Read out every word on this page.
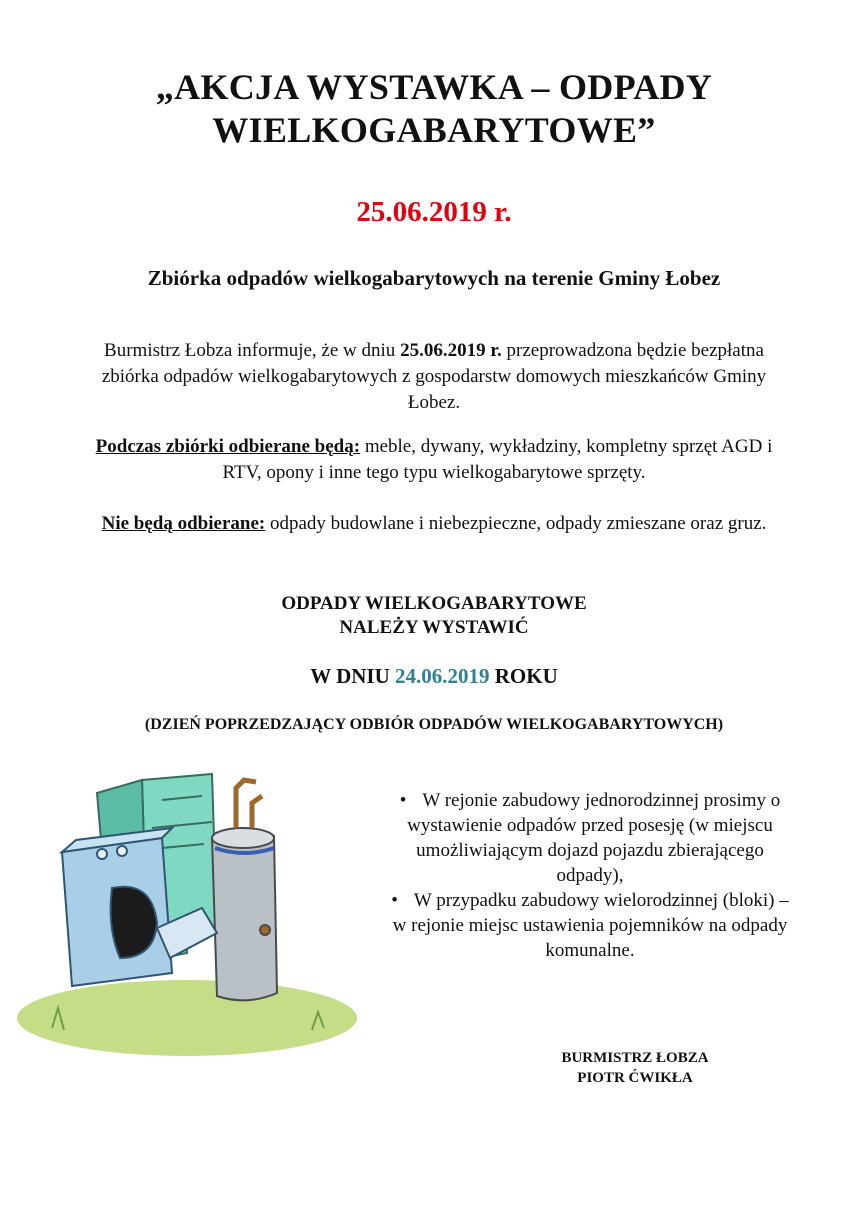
„AKCJA WYSTAWKA – ODPADY
WIELKOGABARYTOWE”
25.06.2019 r.
Zbiórka odpadów wielkogabarytowych na terenie Gminy Łobez
Burmistrz Łobza informuje, że w dniu 25.06.2019 r. przeprowadzona będzie bezpłatna zbiórka odpadów wielkogabarytowych z gospodarstw domowych mieszkańców Gminy Łobez.
Podczas zbiórki odbierane będą: meble, dywany, wykładziny, kompletny sprzęt AGD i RTV, opony i inne tego typu wielkogabarytowe sprzęty.
Nie będą odbierane: odpady budowlane i niebezpieczne, odpady zmieszane oraz gruz.
ODPADY WIELKOGABARYTOWE
NALEŻY WYSTAWIĆ
W DNIU 24.06.2019 ROKU
(DZIEŃ POPRZEDZAJĄCY ODBIÓR ODPADÓW WIELKOGABARYTOWYCH)
• W rejonie zabudowy jednorodzinnej prosimy o wystawienie odpadów przed posesję (w miejscu umożliwiającym dojazd pojazdu zbierającego odpady),
• W przypadku zabudowy wielorodzinnej (bloki) – w rejonie miejsc ustawienia pojemników na odpady komunalne.
BURMISTRZ ŁOBZA
PIOTR ĆWIKŁA
